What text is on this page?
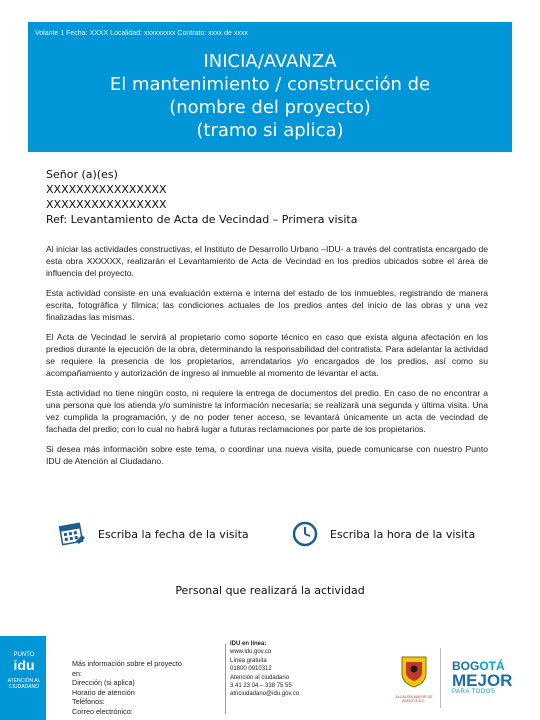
Volante 1 Fecha: XXXX Localidad: xxxxxxxxx Contrato: xxxx de xxxx
INICIA/AVANZA
El mantenimiento / construcción de
(nombre del proyecto)
(tramo si aplica)
Señor (a)(es)
XXXXXXXXXXXXXXXX
XXXXXXXXXXXXXXXX
Ref: Levantamiento de Acta de Vecindad – Primera visita

Al iniciar las actividades constructivas, el Instituto de Desarrollo Urbano –IDU- a través del contratista encargado de esta obra XXXXXX, realizarán el Levantamiento de Acta de Vecindad en los predios ubicados sobre el área de influencia del proyecto.

Esta actividad consiste en una evaluación externa e interna del estado de los inmuebles, registrando de manera escrita, fotográfica y fílmica; las condiciones actuales de los predios antes del inicio de las obras y una vez finalizadas las mismas.

El Acta de Vecindad le servirá al propietario como soporte técnico en caso que exista alguna afectación en los predios durante la ejecución de la obra, determinando la responsabilidad del contratista. Para adelantar la actividad se requiere la presencia de los propietarios, arrendatarios y/o encargados de los predios, así como su acompañamiento y autorización de ingreso al inmueble al momento de levantar el acta.

Esta actividad no tiene ningún costo, ni requiere la entrega de documentos del predio. En caso de no encontrar a una persona que los atienda y/o suministre la información necesaria; se realizará una segunda y última visita. Una vez cumplida la programación, y de no poder tener acceso, se levantará únicamente un acta de vecindad de fachada del predio; con lo cual no habrá lugar a futuras reclamaciones por parte de los propietarios.

Si desea más información sobre este tema, o coordinar una nueva visita, puede comunicarse con nuestro Punto IDU de Atención al Ciudadano.

Escriba la fecha de la visita	Escriba la hora de la visita
Personal que realizará la actividad
PUNTO
idu
ATENCIÓN AL CIUDADANO
Más información sobre el proyecto
en:
Dirección (si aplica)
Horario de atención
Teléfonos:
Correo electrónico:
IDU en línea:
www.idu.gov.co
Línea gratuita
01800 0910312
Atención al ciudadano
3 41 23 04 – 338 75 55
atnciudadano@idu.gov.co	ALCALDÍA MAYOR DE BOGOTÁ D.C.
BOGOTÁ
MEJOR
PARA TODOS
